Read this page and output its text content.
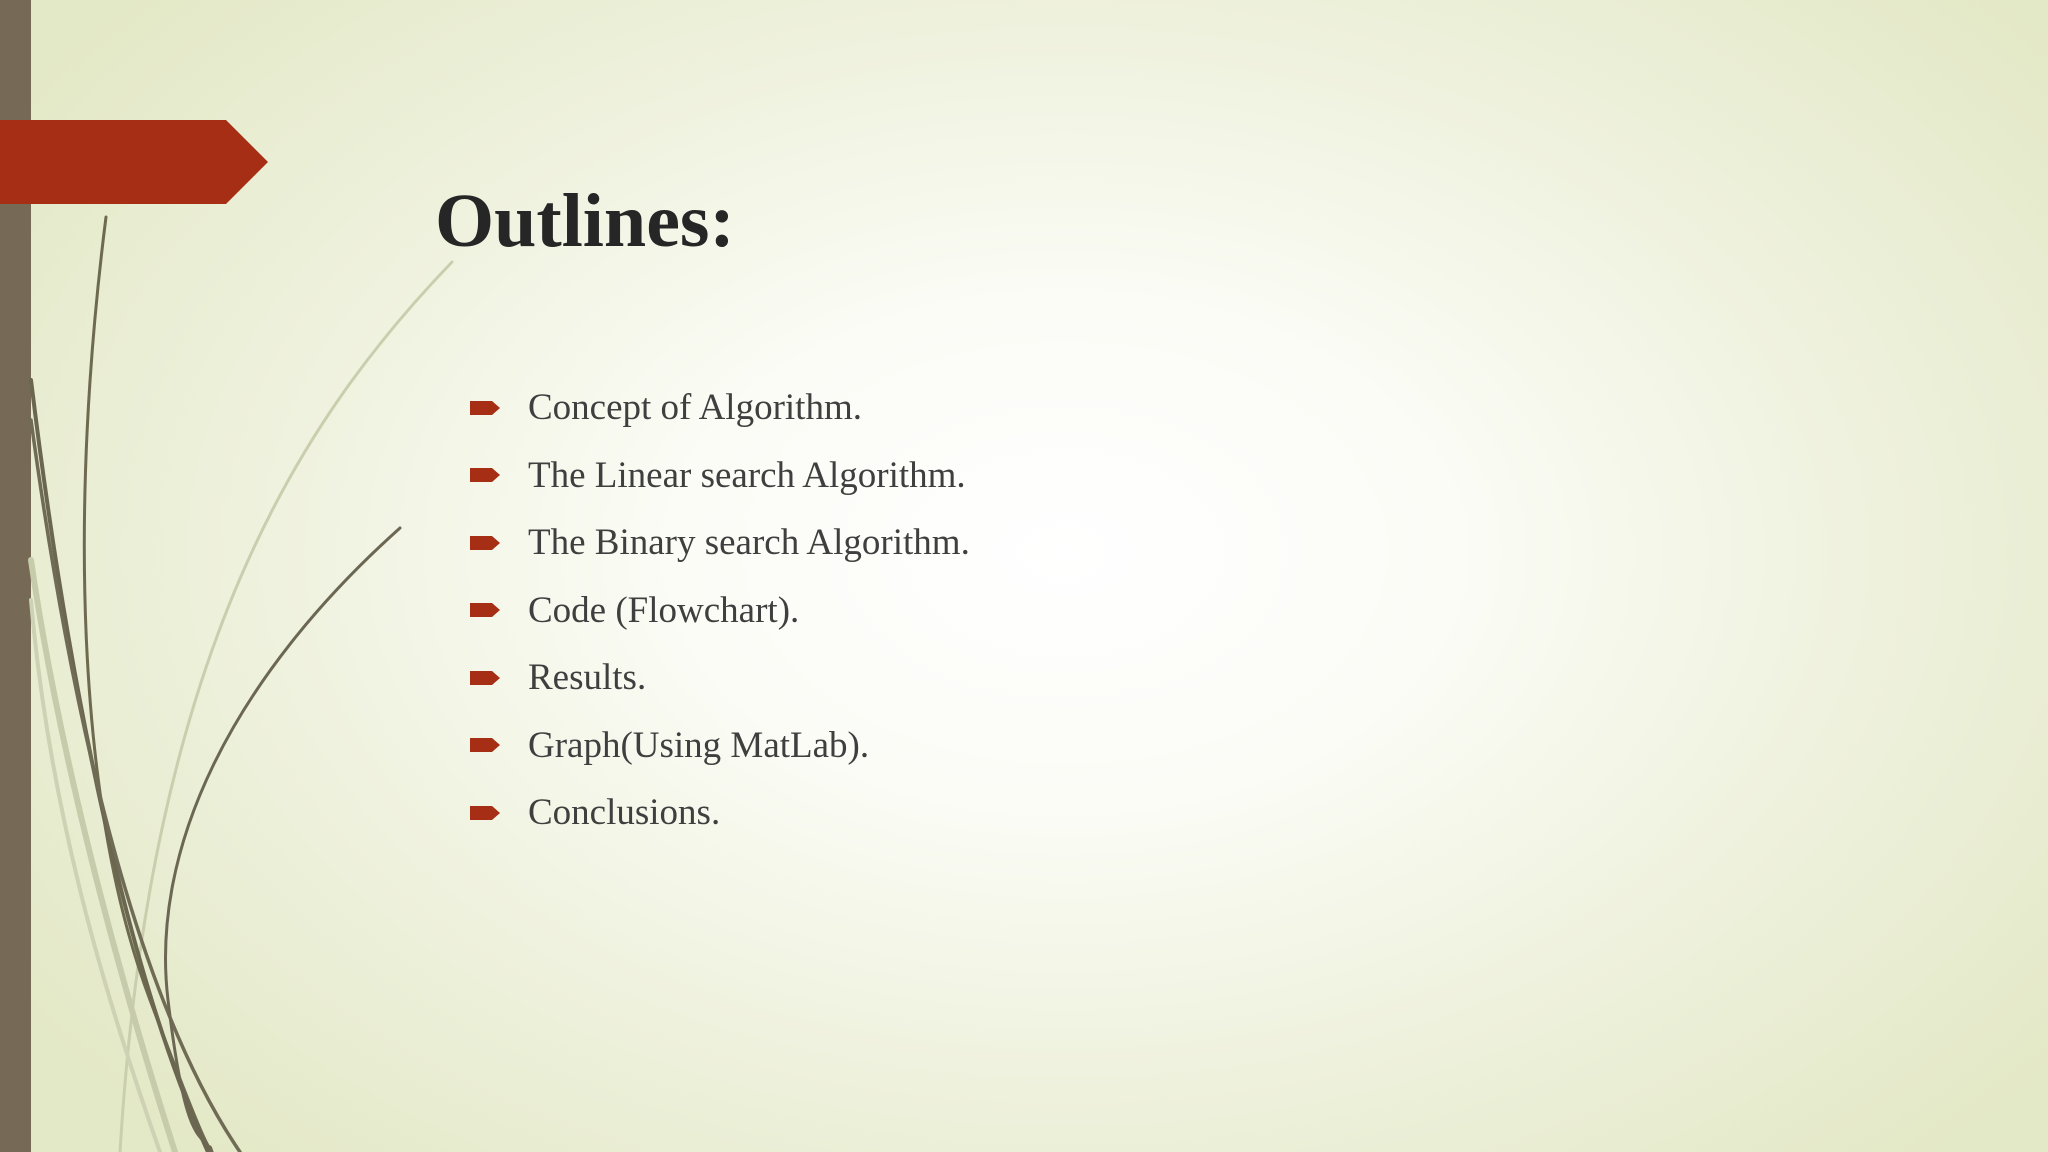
Outlines:
Concept of Algorithm.
The Linear search Algorithm.
The Binary search Algorithm.
Code (Flowchart).
Results.
Graph(Using MatLab).
Conclusions.
